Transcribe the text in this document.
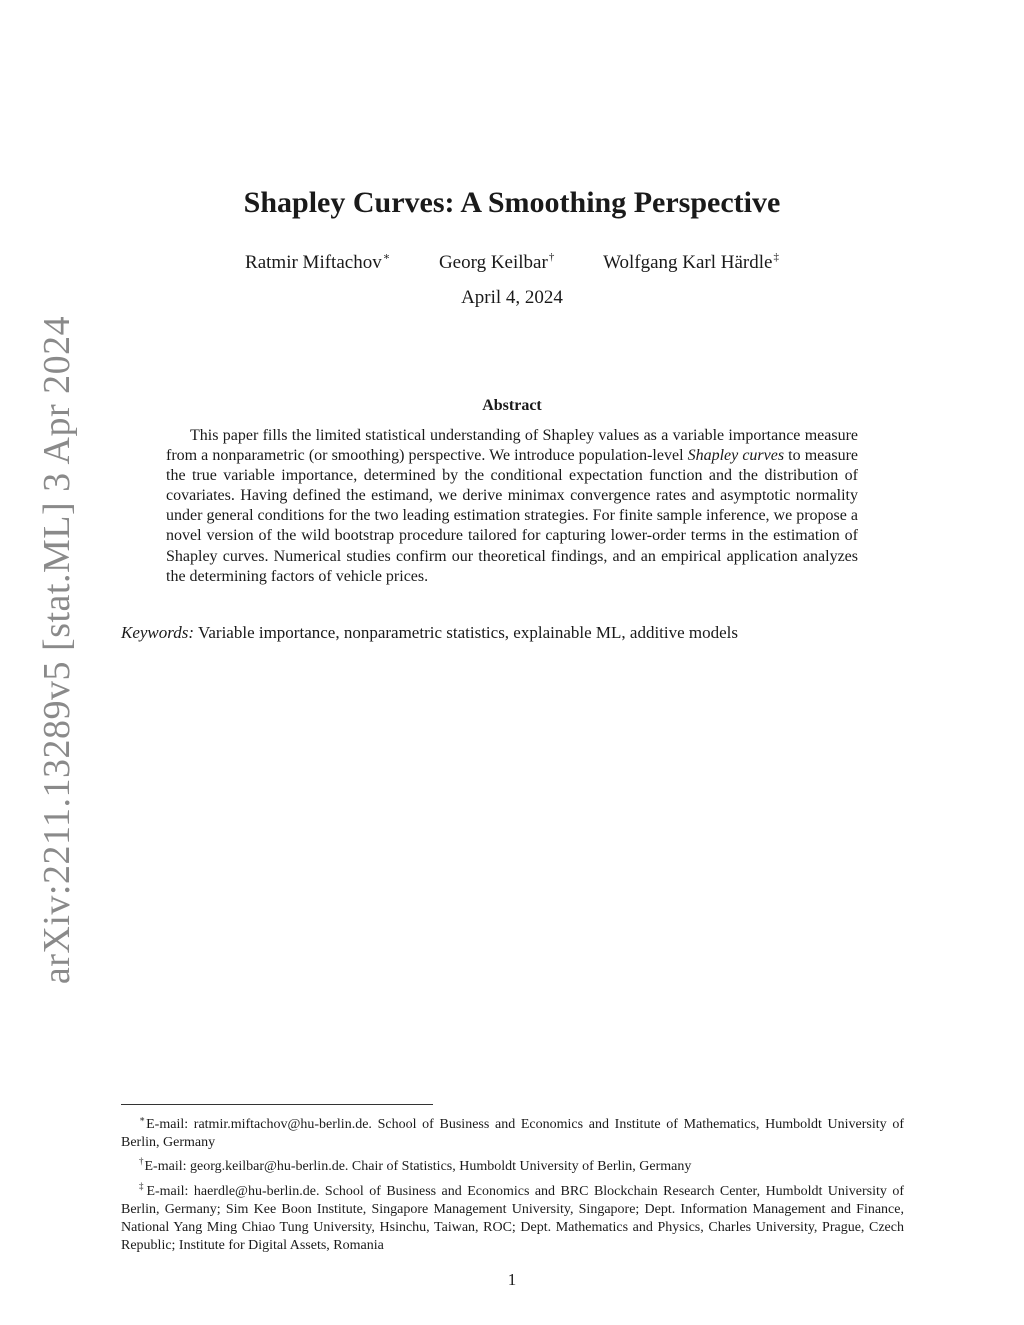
arXiv:2211.13289v5 [stat.ML] 3 Apr 2024
Shapley Curves: A Smoothing Perspective
Ratmir Miftachov∗	Georg Keilbar†	Wolfgang Karl Härdle‡
April 4, 2024
Abstract

This paper fills the limited statistical understanding of Shapley values as a variable importance measure from a nonparametric (or smoothing) perspective. We introduce population-level Shapley curves to measure the true variable importance, determined by the conditional expectation function and the distribution of covariates. Having defined the estimand, we derive minimax convergence rates and asymptotic normality under general conditions for the two leading estimation strategies. For finite sample inference, we propose a novel version of the wild bootstrap procedure tailored for capturing lower-order terms in the estimation of Shapley curves. Numerical studies confirm our theoretical findings, and an empirical application analyzes the determining factors of vehicle prices.

Keywords: Variable importance, nonparametric statistics, explainable ML, additive models

∗E-mail: ratmir.miftachov@hu-berlin.de. School of Business and Economics and Institute of Mathematics, Humboldt University of Berlin, Germany

†E-mail: georg.keilbar@hu-berlin.de. Chair of Statistics, Humboldt University of Berlin, Germany

‡E-mail: haerdle@hu-berlin.de. School of Business and Economics and BRC Blockchain Research Center, Humboldt University of Berlin, Germany; Sim Kee Boon Institute, Singapore Management University, Singapore; Dept. Information Management and Finance, National Yang Ming Chiao Tung University, Hsinchu, Taiwan, ROC; Dept. Mathematics and Physics, Charles University, Prague, Czech Republic; Institute for Digital Assets, Romania

1
